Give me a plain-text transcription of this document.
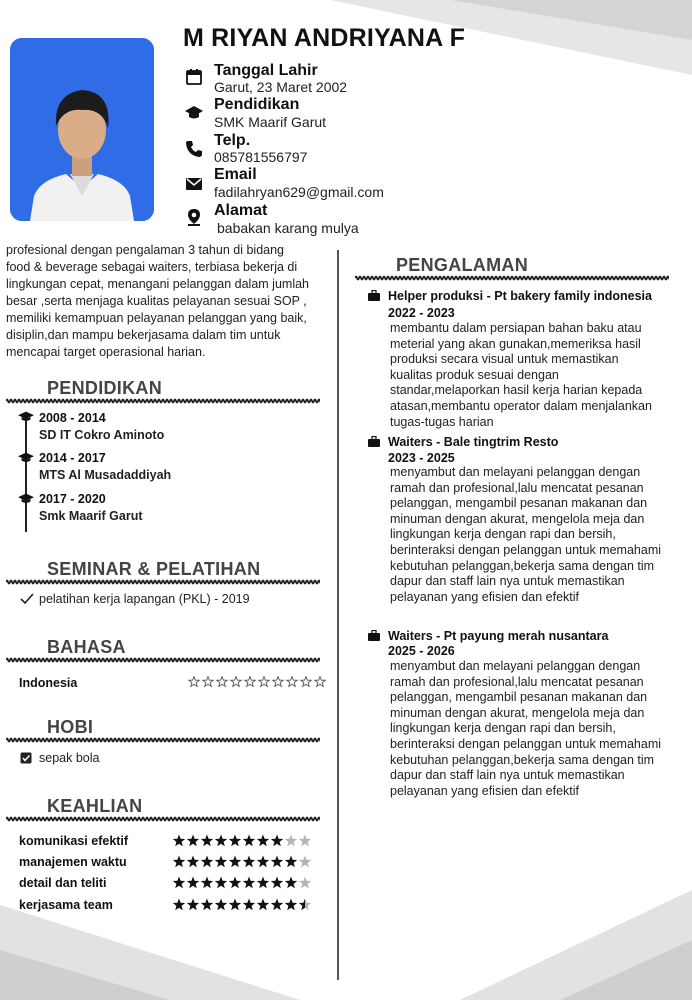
M RIYAN ANDRIYANA F
Tanggal Lahir
Garut, 23 Maret 2002
Pendidikan
SMK Maarif Garut
Telp.
085781556797
Email
fadilahryan629@gmail.com
Alamat
babakan karang mulya
profesional dengan pengalaman 3 tahun di bidang
food & beverage sebagai waiters, terbiasa bekerja di
lingkungan cepat, menangani pelanggan dalam jumlah
besar ,serta menjaga kualitas pelayanan sesuai SOP ,
memiliki kemampuan pelayanan pelanggan yang baik,
disiplin,dan mampu bekerjasama dalam tim untuk
mencapai target operasional harian.
PENDIDIKAN
2008 - 2014
SD IT Cokro Aminoto
2014 - 2017
MTS Al Musadaddiyah
2017 - 2020
Smk Maarif Garut
SEMINAR & PELATIHAN
pelatihan kerja lapangan (PKL) - 2019
BAHASA
Indonesia
HOBI
sepak bola
KEAHLIAN
komunikasi efektif
manajemen waktu
detail dan teliti
kerjasama team
PENGALAMAN
Helper produksi - Pt bakery family indonesia
2022 - 2023
membantu dalam persiapan bahan baku atau
meterial yang akan gunakan,memeriksa hasil
produksi secara visual untuk memastikan
kualitas produk sesuai dengan
standar,melaporkan hasil kerja harian kepada
atasan,membantu operator dalam menjalankan
tugas-tugas harian
Waiters - Bale tingtrim Resto
2023 - 2025
menyambut dan melayani pelanggan dengan
ramah dan profesional,lalu mencatat pesanan
pelanggan, mengambil pesanan makanan dan
minuman dengan akurat, mengelola meja dan
lingkungan kerja dengan rapi dan bersih,
berinteraksi dengan pelanggan untuk memahami
kebutuhan pelanggan,bekerja sama dengan tim
dapur dan staff lain nya untuk memastikan
pelayanan yang efisien dan efektif
Waiters - Pt payung merah nusantara
2025 - 2026
menyambut dan melayani pelanggan dengan
ramah dan profesional,lalu mencatat pesanan
pelanggan, mengambil pesanan makanan dan
minuman dengan akurat, mengelola meja dan
lingkungan kerja dengan rapi dan bersih,
berinteraksi dengan pelanggan untuk memahami
kebutuhan pelanggan,bekerja sama dengan tim
dapur dan staff lain nya untuk memastikan
pelayanan yang efisien dan efektif
